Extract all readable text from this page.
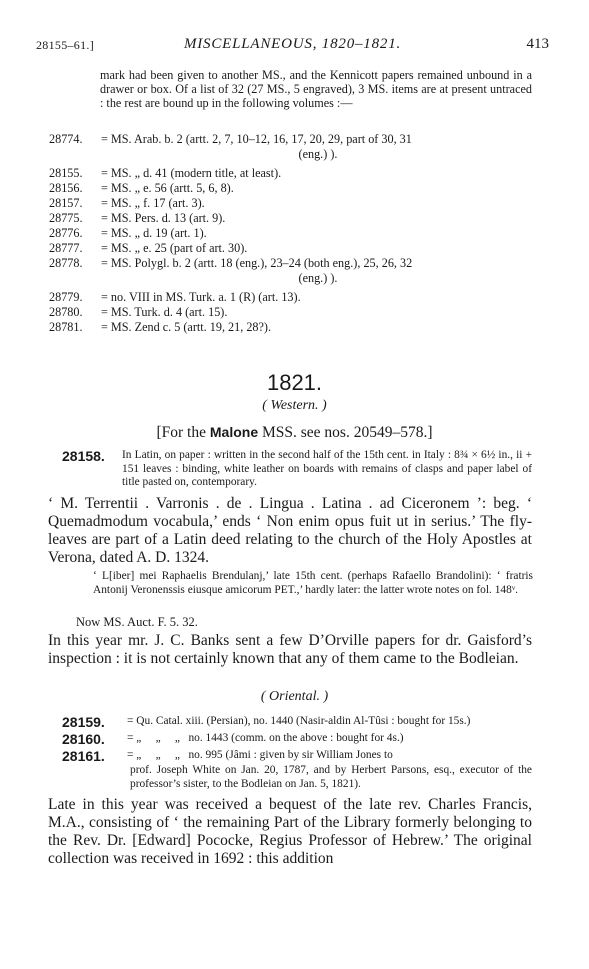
28155–61.]	MISCELLANEOUS, 1820–1821.	413
mark had been given to another MS., and the Kennicott papers remained unbound in a drawer or box. Of a list of 32 (27 MS., 5 engraved), 3 MS. items are at present untraced : the rest are bound up in the following volumes :—
28774. = MS. Arab. b. 2 (artt. 2, 7, 10–12, 16, 17, 20, 29, part of 30, 31
(eng.) ).
28155. = MS. „ d. 41 (modern title, at least).
28156. = MS. „ e. 56 (artt. 5, 6, 8).
28157. = MS. „ f. 17 (art. 3).
28775. = MS. Pers. d. 13 (art. 9).
28776. = MS. „ d. 19 (art. 1).
28777. = MS. „ e. 25 (part of art. 30).
28778. = MS. Polygl. b. 2 (artt. 18 (eng.), 23–24 (both eng.), 25, 26, 32
(eng.) ).
28779. = no. VIII in MS. Turk. a. 1 (R) (art. 13).
28780. = MS. Turk. d. 4 (art. 15).
28781. = MS. Zend c. 5 (artt. 19, 21, 28?).
1821.
( Western. )
[For the Malone MSS. see nos. 20549–578.]
28158. In Latin, on paper : written in the second half of the 15th cent. in Italy : 8¾ × 6½ in., ii + 151 leaves : binding, white leather on boards with remains of clasps and paper label of title pasted on, contemporary.
‘ M. Terrentii . Varronis . de . Lingua . Latina . ad Ciceronem ’: beg. ‘ Quemadmodum vocabula,’ ends ‘ Non enim opus fuit ut in serius.’ The fly-leaves are part of a Latin deed relating to the church of the Holy Apostles at Verona, dated A. D. 1324.
‘ L[iber] mei Raphaelis Brendulanj,’ late 15th cent. (perhaps Rafaello Brandolini): ‘ fratris Antonij Veronenssis eiusque amicorum PET.,’ hardly later: the latter wrote notes on fol. 148ᵛ.
Now MS. Auct. F. 5. 32.
In this year mr. J. C. Banks sent a few D’Orville papers for dr. Gaisford’s inspection : it is not certainly known that any of them came to the Bodleian.
( Oriental. )
28159. = Qu. Catal. xiii. (Persian), no. 1440 (Nasir-aldin Al-Tûsi : bought for 15s.)
28160. = „     „     „   no. 1443 (comm. on the above : bought for 4s.)
28161. = „     „     „   no. 995 (Jâmi : given by sir William Jones to
prof. Joseph White on Jan. 20, 1787, and by Herbert Parsons, esq., executor of the professor’s sister, to the Bodleian on Jan. 5, 1821).
Late in this year was received a bequest of the late rev. Charles Francis, M.A., consisting of ‘ the remaining Part of the Library formerly belonging to the Rev. Dr. [Edward] Pococke, Regius Professor of Hebrew.’ The original collection was received in 1692 : this addition
